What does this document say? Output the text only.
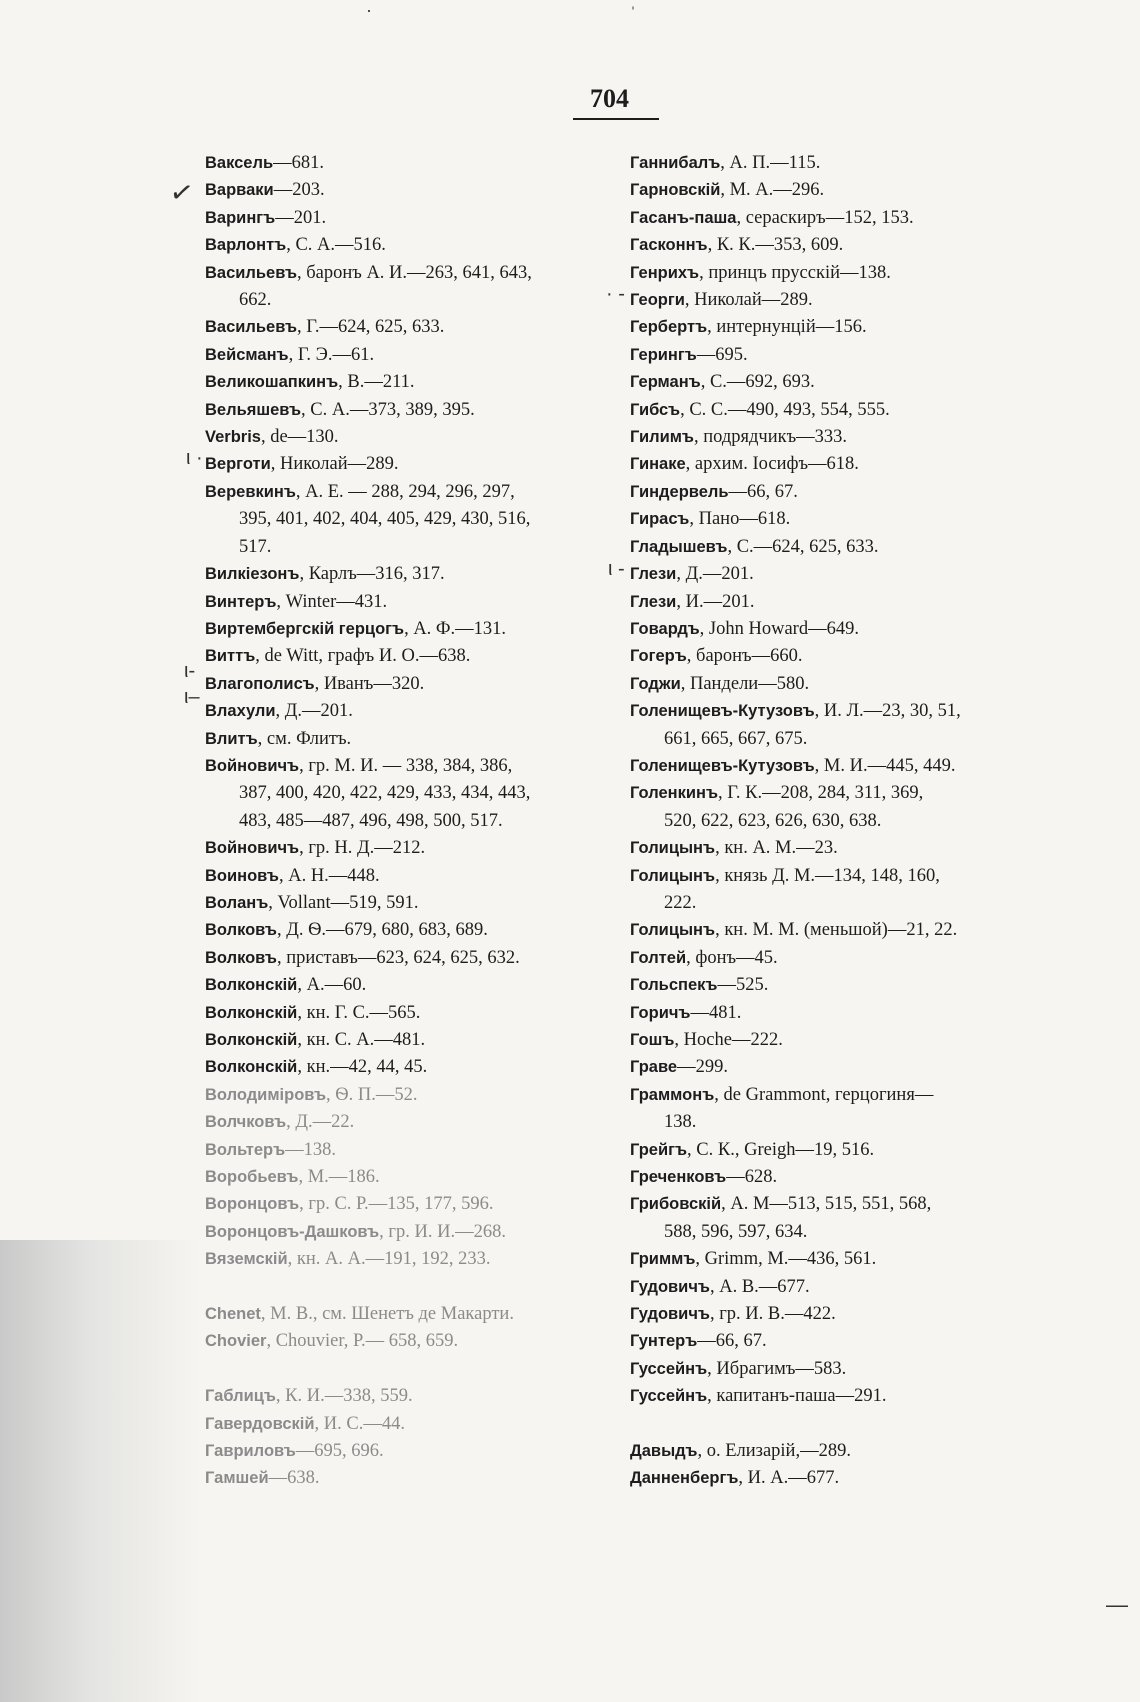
·	ˈ
704
✓
ι ·
ι-
ι–
· -
ι -
—
Ваксель—681.
Варваки—203.
Варингъ—201.
Варлонтъ, С. А.—516.
Васильевъ, баронъ А. И.—263, 641, 643,
662.
Васильевъ, Г.—624, 625, 633.
Вейсманъ, Г. Э.—61.
Великошапкинъ, В.—211.
Вельяшевъ, С. А.—373, 389, 395.
Verbris, de—130.
Верготи, Николай—289.
Веревкинъ, А. Е. — 288, 294, 296, 297,
395, 401, 402, 404, 405, 429, 430, 516,
517.
Вилкiезонъ, Карлъ—316, 317.
Винтеръ, Winter—431.
Виртембергскiй герцогъ, А. Ф.—131.
Виттъ, de Witt, графъ И. О.—638.
Влагополисъ, Иванъ—320.
Влахули, Д.—201.
Влитъ, см. Флитъ.
Войновичъ, гр. М. И. — 338, 384, 386,
387, 400, 420, 422, 429, 433, 434, 443,
483, 485—487, 496, 498, 500, 517.
Войновичъ, гр. Н. Д.—212.
Воиновъ, А. Н.—448.
Воланъ, Vollant—519, 591.
Волковъ, Д. Ѳ.—679, 680, 683, 689.
Волковъ, приставъ—623, 624, 625, 632.
Волконскiй, А.—60.
Волконскiй, кн. Г. С.—565.
Волконскiй, кн. С. А.—481.
Волконскiй, кн.—42, 44, 45.
Володимiровъ, Ѳ. П.—52.
Волчковъ, Д.—22.
Вольтеръ—138.
Воробьевъ, М.—186.
Воронцовъ, гр. С. Р.—135, 177, 596.
Воронцовъ-Дашковъ, гр. И. И.—268.
Вяземскiй, кн. А. А.—191, 192, 233.
Chenet, М. В., см. Шенетъ де Макарти.
Chovier, Chouvier, Р.— 658, 659.
Габлицъ, К. И.—338, 559.
Гавердовскiй, И. С.—44.
Гавриловъ—695, 696.
Гамшей—638.
Ганнибалъ, А. П.—115.
Гарновскiй, М. А.—296.
Гасанъ-паша, сераскиръ—152, 153.
Гасконнъ, К. К.—353, 609.
Генрихъ, принцъ прусскiй—138.
Георги, Николай—289.
Гербертъ, интернунцiй—156.
Герингъ—695.
Германъ, С.—692, 693.
Гибсъ, С. С.—490, 493, 554, 555.
Гилимъ, подрядчикъ—333.
Гинаке, архим. Iосифъ—618.
Гиндервель—66, 67.
Гирасъ, Пано—618.
Гладышевъ, С.—624, 625, 633.
Глези, Д.—201.
Глези, И.—201.
Говардъ, John Howard—649.
Гогеръ, баронъ—660.
Годжи, Пандели—580.
Голенищевъ-Кутузовъ, И. Л.—23, 30, 51,
661, 665, 667, 675.
Голенищевъ-Кутузовъ, М. И.—445, 449.
Голенкинъ, Г. К.—208, 284, 311, 369,
520, 622, 623, 626, 630, 638.
Голицынъ, кн. А. М.—23.
Голицынъ, князь Д. М.—134, 148, 160,
222.
Голицынъ, кн. М. М. (меньшой)—21, 22.
Голтей, фонъ—45.
Гольспекъ—525.
Горичъ—481.
Гошъ, Hoche—222.
Граве—299.
Граммонъ, de Grammont, герцогиня—
138.
Грейгъ, С. К., Greigh—19, 516.
Греченковъ—628.
Грибовскiй, А. М—513, 515, 551, 568,
588, 596, 597, 634.
Гриммъ, Grimm, М.—436, 561.
Гудовичъ, А. В.—677.
Гудовичъ, гр. И. В.—422.
Гунтеръ—66, 67.
Гуссейнъ, Ибрагимъ—583.
Гуссейнъ, капитанъ-паша—291.
Давыдъ, о. Елизарiй,—289.
Данненбергъ, И. А.—677.
